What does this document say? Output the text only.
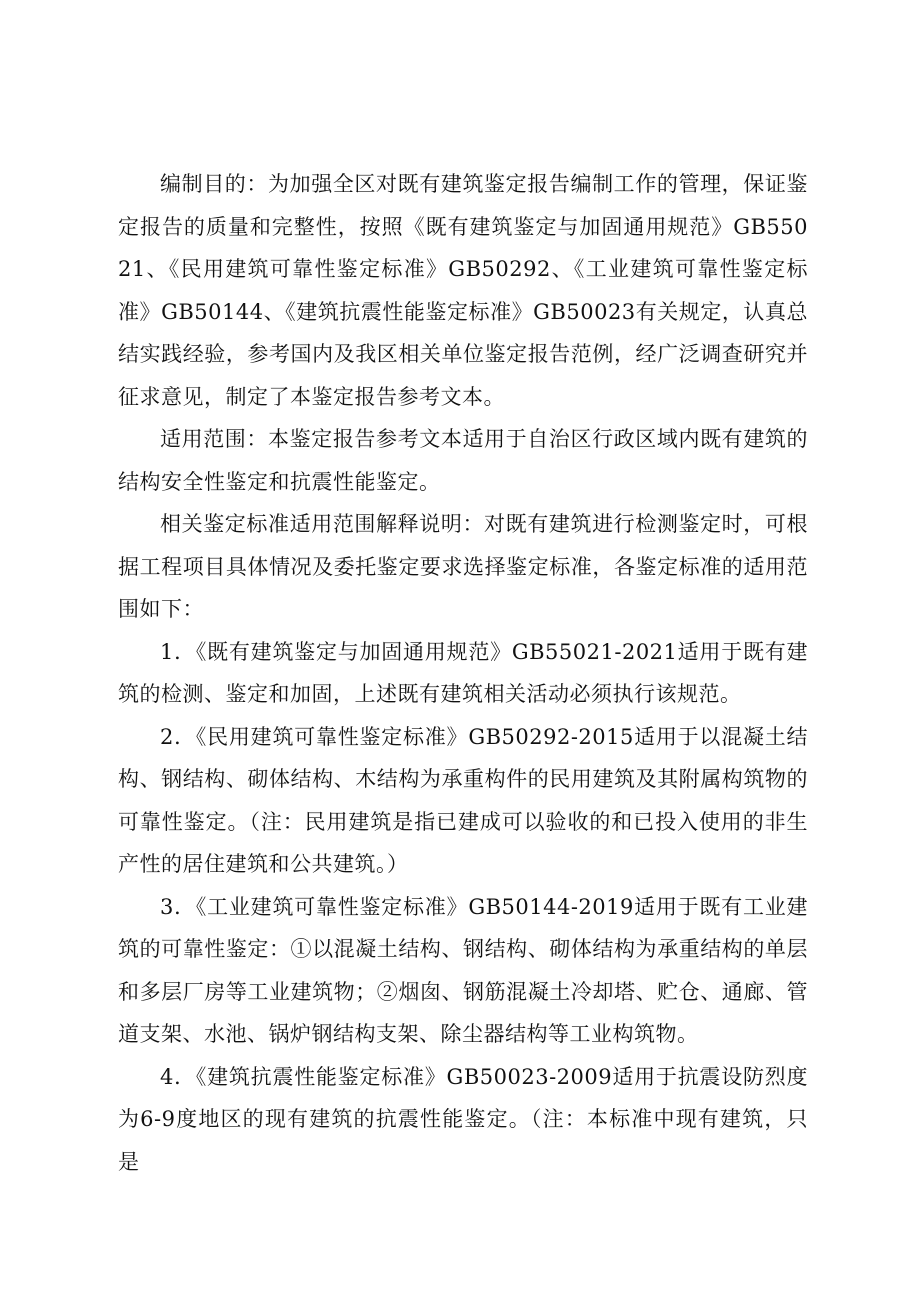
编制目的：为加强全区对既有建筑鉴定报告编制工作的管理，保证鉴定报告的质量和完整性，按照《既有建筑鉴定与加固通用规范》GB55021、《民用建筑可靠性鉴定标准》GB50292、《工业建筑可靠性鉴定标准》GB50144、《建筑抗震性能鉴定标准》GB50023有关规定，认真总结实践经验，参考国内及我区相关单位鉴定报告范例，经广泛调查研究并征求意见，制定了本鉴定报告参考文本。

适用范围：本鉴定报告参考文本适用于自治区行政区域内既有建筑的结构安全性鉴定和抗震性能鉴定。

相关鉴定标准适用范围解释说明：对既有建筑进行检测鉴定时，可根据工程项目具体情况及委托鉴定要求选择鉴定标准，各鉴定标准的适用范围如下：

1．《既有建筑鉴定与加固通用规范》GB55021-2021适用于既有建筑的检测、鉴定和加固，上述既有建筑相关活动必须执行该规范。

2．《民用建筑可靠性鉴定标准》GB50292-2015适用于以混凝土结构、钢结构、砌体结构、木结构为承重构件的民用建筑及其附属构筑物的可靠性鉴定。（注：民用建筑是指已建成可以验收的和已投入使用的非生产性的居住建筑和公共建筑。）

3．《工业建筑可靠性鉴定标准》GB50144-2019适用于既有工业建筑的可靠性鉴定：①以混凝土结构、钢结构、砌体结构为承重结构的单层和多层厂房等工业建筑物；②烟囱、钢筋混凝土冷却塔、贮仓、通廊、管道支架、水池、锅炉钢结构支架、除尘器结构等工业构筑物。

4．《建筑抗震性能鉴定标准》GB50023-2009适用于抗震设防烈度为6-9度地区的现有建筑的抗震性能鉴定。（注：本标准中现有建筑，只是
